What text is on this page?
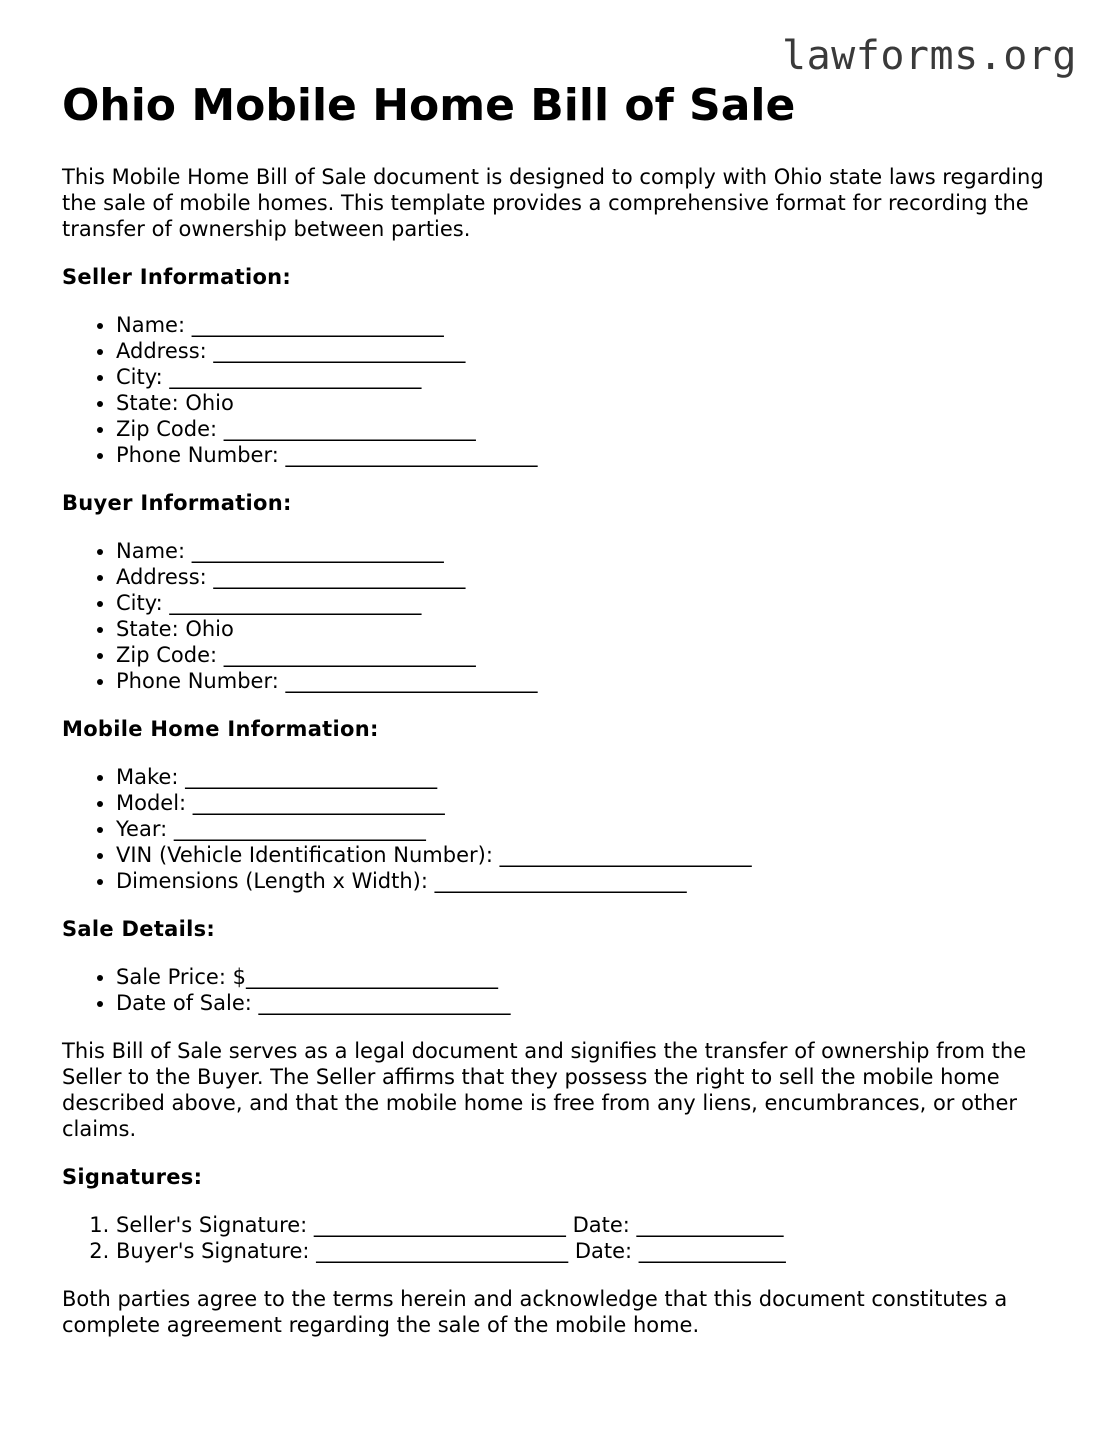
lawforms.org
Ohio Mobile Home Bill of Sale

This Mobile Home Bill of Sale document is designed to comply with Ohio state laws regarding the sale of mobile homes. This template provides a comprehensive format for recording the transfer of ownership between parties.

Seller Information:
• Name: ________________________
• Address: ________________________
• City: ________________________
• State: Ohio
• Zip Code: ________________________
• Phone Number: ________________________
Buyer Information:
• Name: ________________________
• Address: ________________________
• City: ________________________
• State: Ohio
• Zip Code: ________________________
• Phone Number: ________________________
Mobile Home Information:
• Make: ________________________
• Model: ________________________
• Year: ________________________
• VIN (Vehicle Identification Number): ________________________
• Dimensions (Length x Width): ________________________
Sale Details:
• Sale Price: $________________________
• Date of Sale: ________________________

This Bill of Sale serves as a legal document and signifies the transfer of ownership from the Seller to the Buyer. The Seller affirms that they possess the right to sell the mobile home described above, and that the mobile home is free from any liens, encumbrances, or other claims.

Signatures:
1. Seller's Signature: ________________________ Date: ______________
2. Buyer's Signature: ________________________ Date: ______________

Both parties agree to the terms herein and acknowledge that this document constitutes a complete agreement regarding the sale of the mobile home.
